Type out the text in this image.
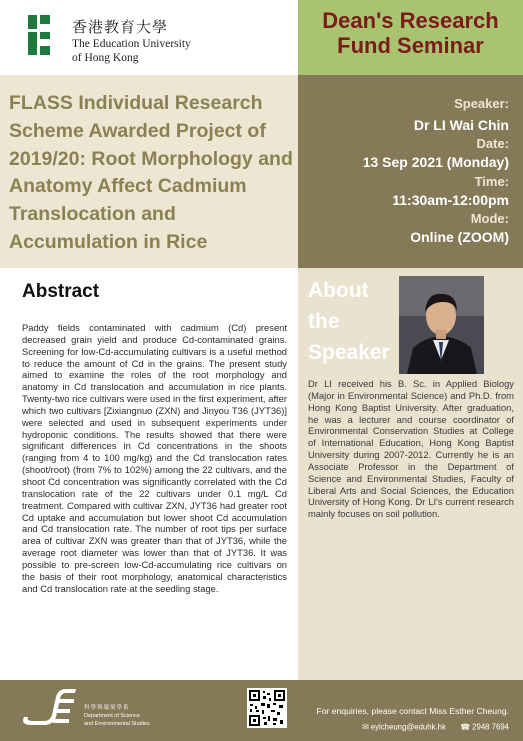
香港教育大學
The Education University
of Hong Kong
Dean's Research
Fund Seminar
FLASS Individual Research Scheme Awarded Project of 2019/20: Root Morphology and Anatomy Affect Cadmium Translocation and Accumulation in Rice
Speaker:
Dr LI Wai Chin
Date:
13 Sep 2021 (Monday)
Time:
11:30am-12:00pm
Mode:
Online (ZOOM)
Abstract
Paddy fields contaminated with cadmium (Cd) present decreased grain yield and produce Cd-contaminated grains. Screening for low-Cd-accumulating cultivars is a useful method to reduce the amount of Cd in the grains. The present study aimed to examine the roles of the root morphology and anatomy in Cd translocation and accumulation in rice plants. Twenty-two rice cultivars were used in the first experiment, after which two cultivars [Zixiangnuo (ZXN) and Jinyou T36 (JYT36)] were selected and used in subsequent experiments under hydroponic conditions. The results showed that there were significant differences in Cd concentrations in the shoots (ranging from 4 to 100 mg/kg) and the Cd translocation rates (shoot/root) (from 7% to 102%) among the 22 cultivars, and the shoot Cd concentration was significantly correlated with the Cd translocation rate of the 22 cultivars under 0.1 mg/L Cd treatment. Compared with cultivar ZXN, JYT36 had greater root Cd uptake and accumulation but lower shoot Cd accumulation and Cd translocation rate. The number of root tips per surface area of cultivar ZXN was greater than that of JYT36, while the average root diameter was lower than that of JYT36. It was possible to pre-screen low-Cd-accumulating rice cultivars on the basis of their root morphology, anatomical characteristics and Cd translocation rate at the seedling stage.
About
the
Speaker
Dr LI received his B. Sc. in Applied Biology (Major in Environmental Science) and Ph.D. from Hong Kong Baptist University. After graduation, he was a lecturer and course coordinator of Environmental Conservation Studies at College of International Education, Hong Kong Baptist University during 2007-2012. Currently he is an Associate Professor in the Department of Science and Environmental Studies, Faculty of Liberal Arts and Social Sciences, the Education University of Hong Kong. Dr LI's current research mainly focuses on soil pollution.
科學與環境學系
Department of Science
and Environmental Studies
For enquiries, please contact Miss Esther Cheung.
✉ eylcheung@eduhk.hk ☎ 2948 7694
